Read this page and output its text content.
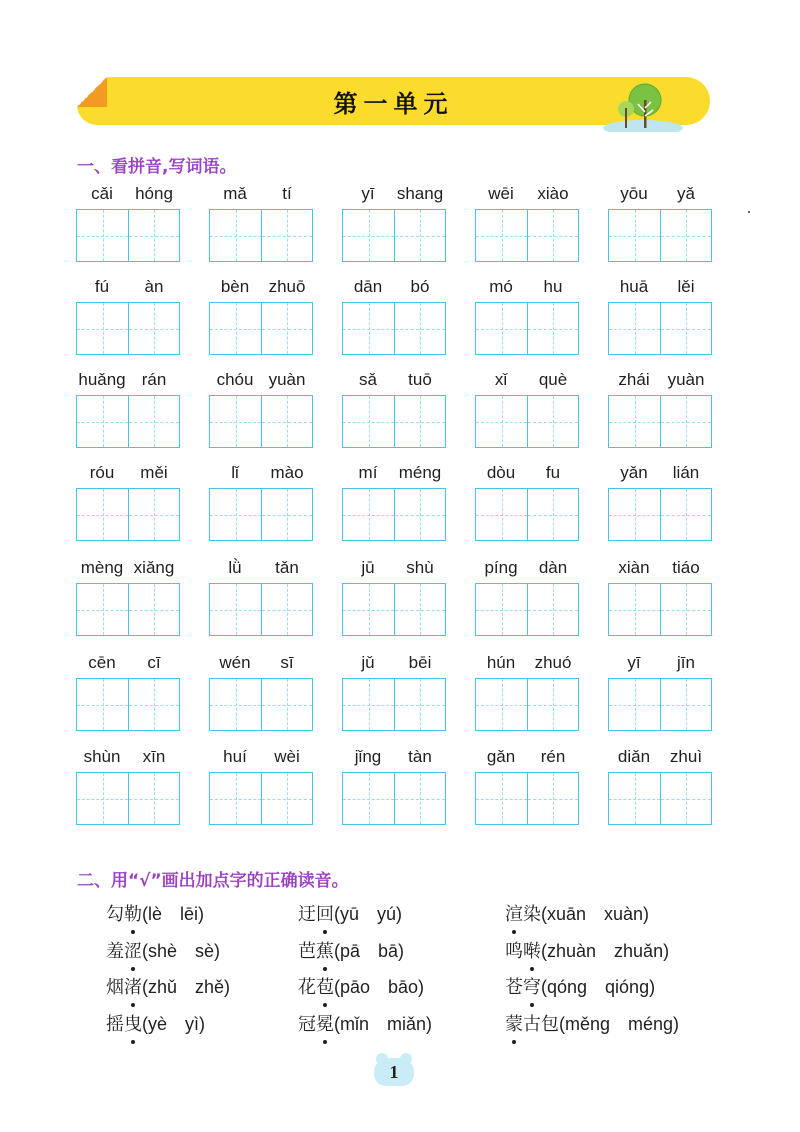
第一单元
一、看拼音,写词语。
cǎi	hóng	mǎ	tí	yī	shang	wēi	xiào	yōu	yǎ
fú	àn	bèn	zhuō	dān	bó	mó	hu	huā	lěi
huǎng rán	chóu yuàn	sǎ	tuō	xǐ	què	zhái	yuàn
róu	měi	lǐ	mào	mí	méng	dòu	fu	yǎn	lián
mèng xiǎng	lǜ	tǎn	jū	shù	píng	dàn	xiàn	tiáo
cēn	cī	wén	sī	jǔ	bēi	hún	zhuó	yī	jīn
shùn	xīn	huí	wèi	jǐng	tàn	gǎn	rén	diǎn	zhuì
二、用“√”画出加点字的正确读音。
勾勒(lè　lēi)	迂回(yū　yú)	渲染(xuān　xuàn)
羞涩(shè　sè)	芭蕉(pā　bā)	鸣啭(zhuàn　zhuǎn)
烟渚(zhǔ　zhě)	花苞(pāo　bāo)	苍穹(qóng　qióng)
摇曳(yè　yì)	冠冕(mǐn　miǎn)	蒙古包(měng　méng)
1
